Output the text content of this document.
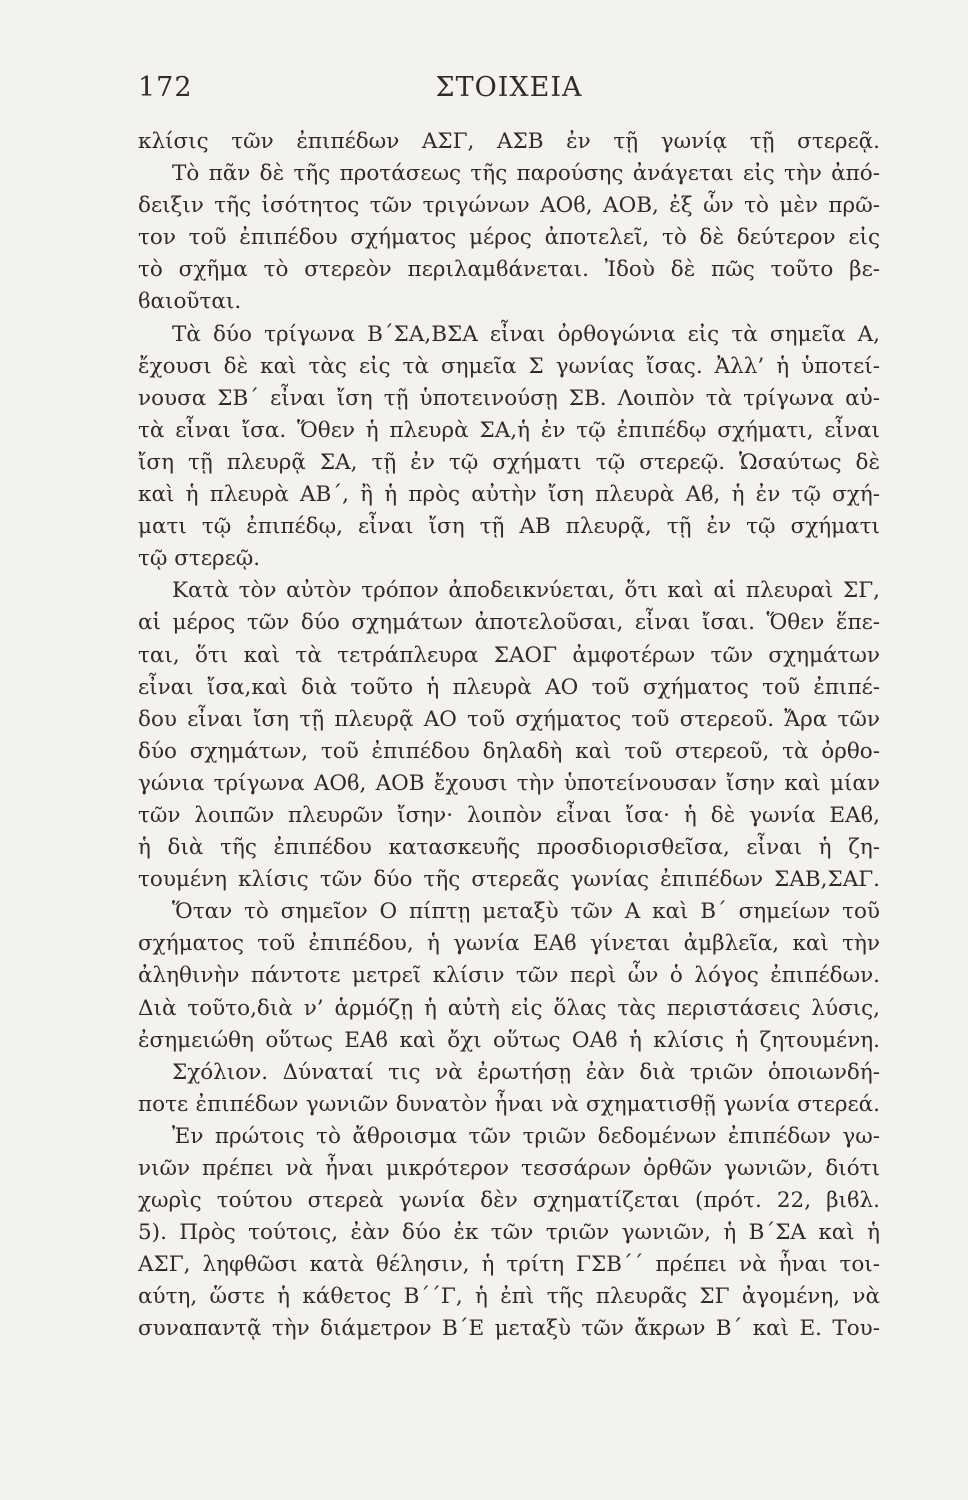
172	ΣΤΟΙΧΕΙΑ
κλίσις τῶν ἐπιπέδων ΑΣΓ, ΑΣΒ ἐν τῇ γωνίᾳ τῇ στερεᾷ.
Τὸ πᾶν δὲ τῆς προτάσεως τῆς παρούσης ἀνάγεται εἰς τὴν ἀπό-
δειξιν τῆς ἰσότητος τῶν τριγώνων ΑΟϐ, ΑΟΒ, ἐξ ὧν τὸ μὲν πρῶ-
τον τοῦ ἐπιπέδου σχήματος μέρος ἀποτελεῖ, τὸ δὲ δεύτερον εἰς
τὸ σχῆμα τὸ στερεὸν περιλαμϐάνεται. Ἰδοὺ δὲ πῶς τοῦτο βε-
ϐαιοῦται.
Τὰ δύο τρίγωνα Β΄ΣΑ,ΒΣΑ εἶναι ὀρθογώνια εἰς τὰ σημεῖα Α,
ἔχουσι δὲ καὶ τὰς εἰς τὰ σημεῖα Σ γωνίας ἴσας. Ἀλλ’ ἡ ὑποτεί-
νουσα ΣΒ΄ εἶναι ἴση τῇ ὑποτεινούσῃ ΣΒ. Λοιπὸν τὰ τρίγωνα αὐ-
τὰ εἶναι ἴσα. Ὅθεν ἡ πλευρὰ ΣΑ,ἡ ἐν τῷ ἐπιπέδῳ σχήματι, εἶναι
ἴση τῇ πλευρᾷ ΣΑ, τῇ ἐν τῷ σχήματι τῷ στερεῷ. Ὡσαύτως δὲ
καὶ ἡ πλευρὰ ΑΒ΄, ἢ ἡ πρὸς αὐτὴν ἴση πλευρὰ Αϐ, ἡ ἐν τῷ σχή-
ματι τῷ ἐπιπέδῳ, εἶναι ἴση τῇ ΑΒ πλευρᾷ, τῇ ἐν τῷ σχήματι
τῷ στερεῷ.
Κατὰ τὸν αὐτὸν τρόπον ἀποδεικνύεται, ὅτι καὶ αἱ πλευραὶ ΣΓ,
αἱ μέρος τῶν δύο σχημάτων ἀποτελοῦσαι, εἶναι ἴσαι. Ὅθεν ἕπε-
ται, ὅτι καὶ τὰ τετράπλευρα ΣΑΟΓ ἀμφοτέρων τῶν σχημάτων
εἶναι ἴσα,καὶ διὰ τοῦτο ἡ πλευρὰ ΑΟ τοῦ σχήματος τοῦ ἐπιπέ-
δου εἶναι ἴση τῇ πλευρᾷ ΑΟ τοῦ σχήματος τοῦ στερεοῦ. Ἄρα τῶν
δύο σχημάτων, τοῦ ἐπιπέδου δηλαδὴ καὶ τοῦ στερεοῦ, τὰ ὀρθο-
γώνια τρίγωνα ΑΟϐ, ΑΟΒ ἔχουσι τὴν ὑποτείνουσαν ἴσην καὶ μίαν
τῶν λοιπῶν πλευρῶν ἴσην· λοιπὸν εἶναι ἴσα· ἡ δὲ γωνία ΕΑϐ,
ἡ διὰ τῆς ἐπιπέδου κατασκευῆς προσδιορισθεῖσα, εἶναι ἡ ζη-
τουμένη κλίσις τῶν δύο τῆς στερεᾶς γωνίας ἐπιπέδων ΣΑΒ,ΣΑΓ.
Ὅταν τὸ σημεῖον Ο πίπτῃ μεταξὺ τῶν Α καὶ Β΄ σημείων τοῦ
σχήματος τοῦ ἐπιπέδου, ἡ γωνία ΕΑϐ γίνεται ἀμβλεῖα, καὶ τὴν
ἀληθινὴν πάντοτε μετρεῖ κλίσιν τῶν περὶ ὧν ὁ λόγος ἐπιπέδων.
Διὰ τοῦτο,διὰ ν’ ἁρμόζῃ ἡ αὐτὴ εἰς ὅλας τὰς περιστάσεις λύσις,
ἐσημειώθη οὕτως ΕΑϐ καὶ ὄχι οὕτως ΟΑϐ ἡ κλίσις ἡ ζητουμένη.
Σχόλιον. Δύναταί τις νὰ ἐρωτήσῃ ἐὰν διὰ τριῶν ὁποιωνδή-
ποτε ἐπιπέδων γωνιῶν δυνατὸν ἦναι νὰ σχηματισθῇ γωνία στερεά.
Ἐν πρώτοις τὸ ἄθροισμα τῶν τριῶν δεδομένων ἐπιπέδων γω-
νιῶν πρέπει νὰ ἦναι μικρότερον τεσσάρων ὀρθῶν γωνιῶν, διότι
χωρὶς τούτου στερεὰ γωνία δὲν σχηματίζεται (πρότ. 22, βιϐλ.
5). Πρὸς τούτοις, ἐὰν δύο ἐκ τῶν τριῶν γωνιῶν, ἡ Β΄ΣΑ καὶ ἡ
ΑΣΓ, ληφθῶσι κατὰ θέλησιν, ἡ τρίτη ΓΣΒ΄΄ πρέπει νὰ ἦναι τοι-
αύτη, ὥστε ἡ κάθετος Β΄΄Γ, ἡ ἐπὶ τῆς πλευρᾶς ΣΓ ἀγομένη, νὰ
συναπαντᾷ τὴν διάμετρον Β΄Ε μεταξὺ τῶν ἄκρων Β΄ καὶ Ε. Του-
